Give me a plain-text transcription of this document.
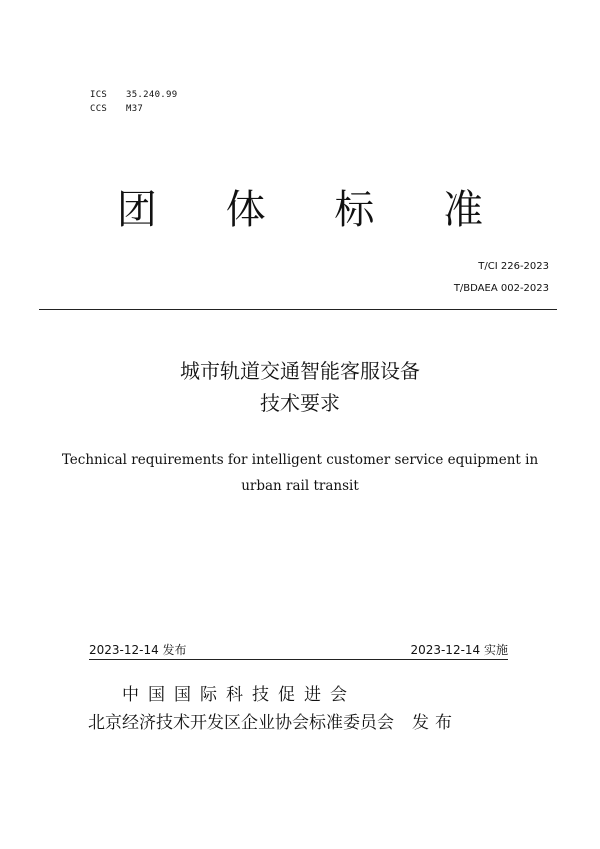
ICS 35.240.99
CCS M37
团 体 标 准
T/CI 226-2023
T/BDAEA 002-2023
城市轨道交通智能客服设备
技术要求
Technical requirements for intelligent customer service equipment in
urban rail transit
2023-12-14 发布	2023-12-14 实施
中国国际科技促进会
北京经济技术开发区企业协会标准委员会 发布
